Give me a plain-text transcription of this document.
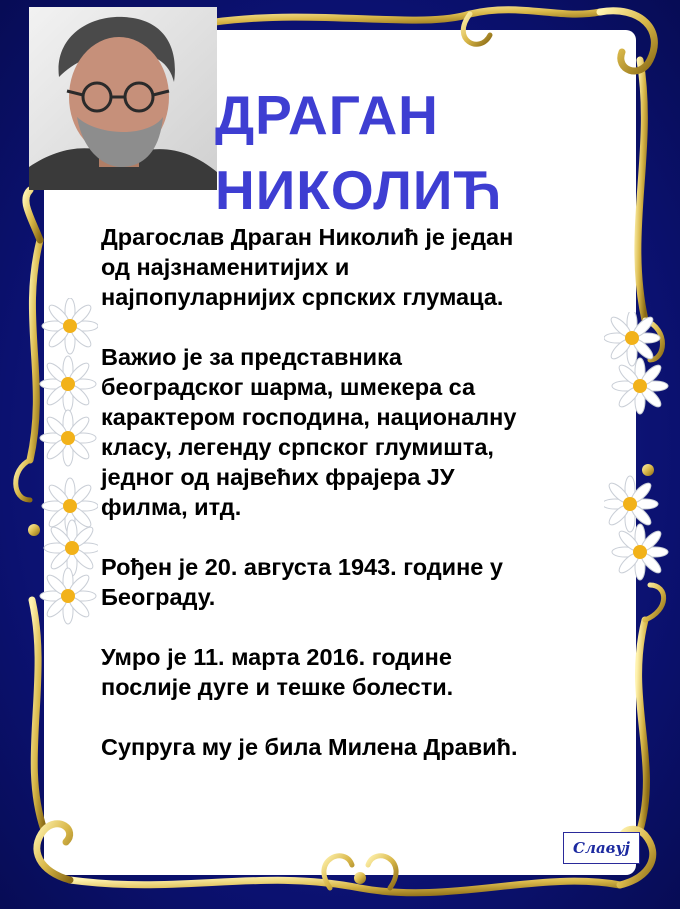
ДРАГАН
НИКОЛИЋ

Драгослав Драган Николић је један
од најзнаменитијих и
најпопуларнијих српских глумаца.

Важио је за представника
београдског шарма, шмекера са
карактером господина, националну
класу, легенду српског глумишта,
једног од највећих фрајера ЈУ
филма, итд.

Рођен је 20. августа 1943. године у
Београду.

Умро је 11. марта 2016. године
послије дуге и тешке болести.

Супруга му је била Милена Дравић.

Славуј
